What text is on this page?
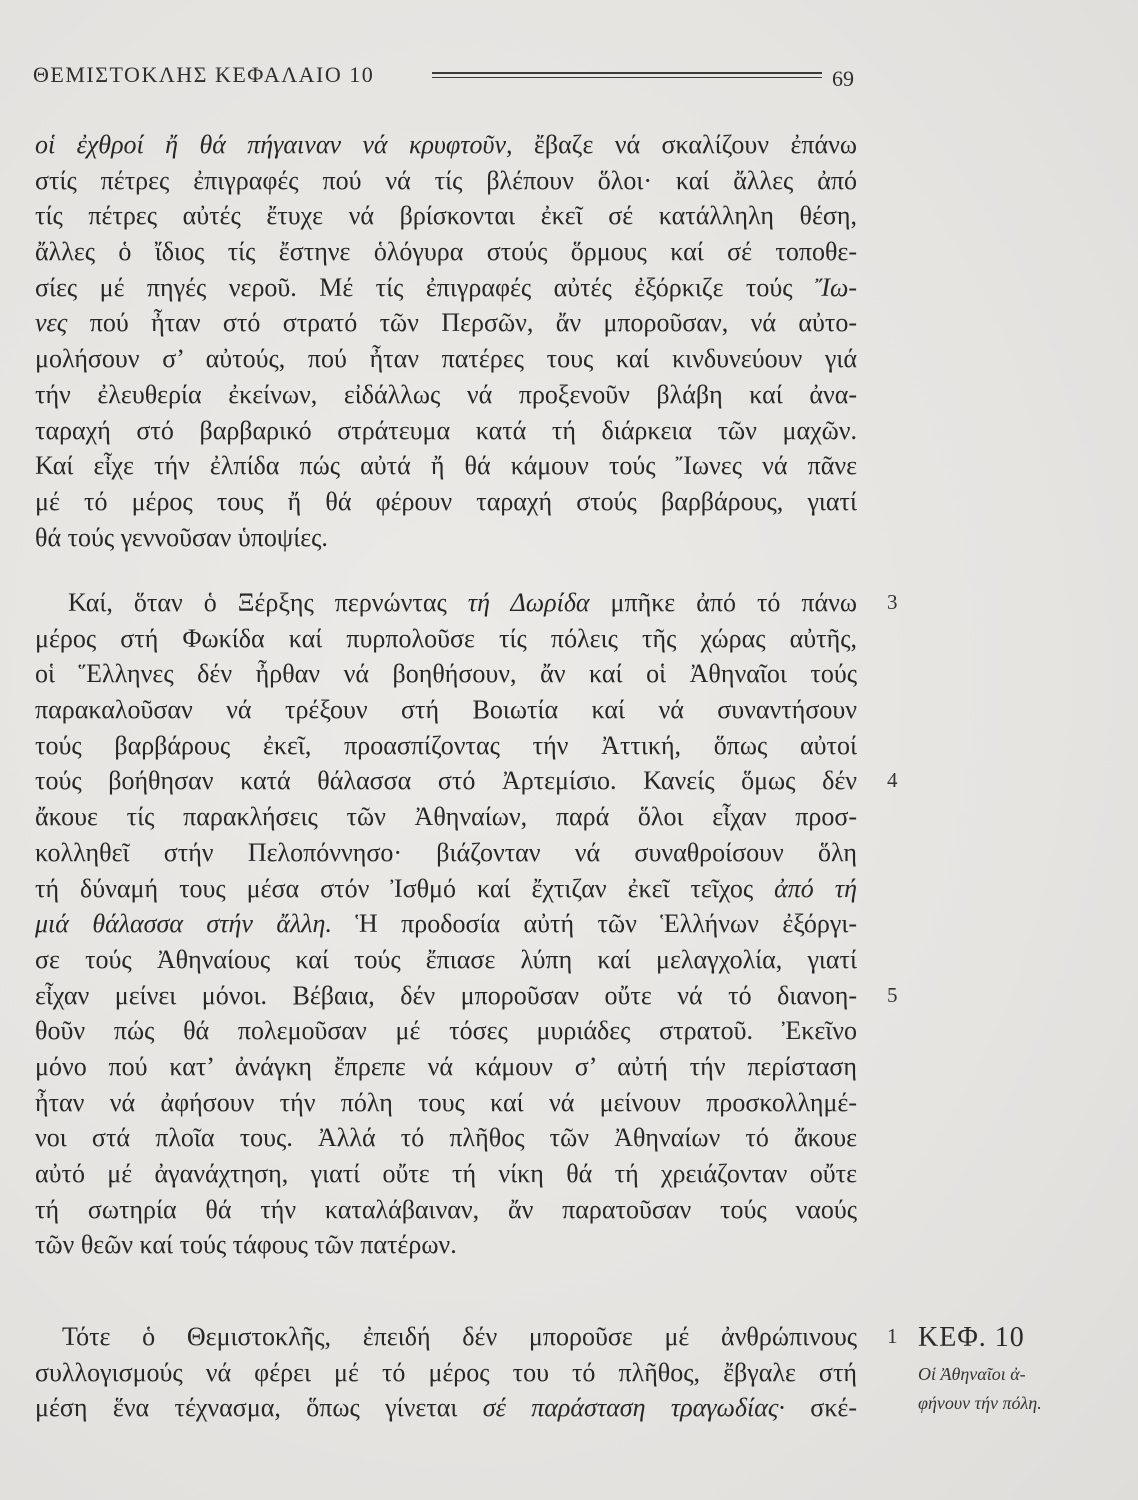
ΘΕΜΙΣΤΟΚΛΗΣ ΚΕΦΑΛΑΙΟ 10	69
οἱ ἐχθροί ἤ θά πήγαιναν νά κρυφτοῦν, ἔβαζε νά σκαλίζουν ἐπάνω
στίς πέτρες ἐπιγραφές πού νά τίς βλέπουν ὅλοι· καί ἄλλες ἀπό
τίς πέτρες αὐτές ἔτυχε νά βρίσκονται ἐκεῖ σέ κατάλληλη θέση,
ἄλλες ὁ ἴδιος τίς ἔστηνε ὁλόγυρα στούς ὅρμους καί σέ τοποθε-
σίες μέ πηγές νεροῦ. Μέ τίς ἐπιγραφές αὐτές ἐξόρκιζε τούς Ἴω-
νες πού ἦταν στό στρατό τῶν Περσῶν, ἄν μποροῦσαν, νά αὐτο-
μολήσουν σ’ αὐτούς, πού ἦταν πατέρες τους καί κινδυνεύουν γιά
τήν ἐλευθερία ἐκείνων, εἰδάλλως νά προξενοῦν βλάβη καί ἀνα-
ταραχή στό βαρβαρικό στράτευμα κατά τή διάρκεια τῶν μαχῶν.
Καί εἶχε τήν ἐλπίδα πώς αὐτά ἤ θά κάμουν τούς Ἴωνες νά πᾶνε
μέ τό μέρος τους ἤ θά φέρουν ταραχή στούς βαρβάρους, γιατί
θά τούς γεννοῦσαν ὑποψίες.
Καί, ὅταν ὁ Ξέρξης περνώντας τή Δωρίδα μπῆκε ἀπό τό πάνω 3
μέρος στή Φωκίδα καί πυρπολοῦσε τίς πόλεις τῆς χώρας αὐτῆς,
οἱ Ἕλληνες δέν ἦρθαν νά βοηθήσουν, ἄν καί οἱ Ἀθηναῖοι τούς
παρακαλοῦσαν νά τρέξουν στή Βοιωτία καί νά συναντήσουν
τούς βαρβάρους ἐκεῖ, προασπίζοντας τήν Ἀττική, ὅπως αὐτοί
τούς βοήθησαν κατά θάλασσα στό Ἀρτεμίσιο. Κανείς ὅμως δέν 4
ἄκουε τίς παρακλήσεις τῶν Ἀθηναίων, παρά ὅλοι εἶχαν προσ-
κολληθεῖ στήν Πελοπόννησο· βιάζονταν νά συναθροίσουν ὅλη
τή δύναμή τους μέσα στόν Ἰσθμό καί ἔχτιζαν ἐκεῖ τεῖχος ἀπό τή
μιά θάλασσα στήν ἄλλη. Ἡ προδοσία αὐτή τῶν Ἑλλήνων ἐξόργι-
σε τούς Ἀθηναίους καί τούς ἔπιασε λύπη καί μελαγχολία, γιατί
εἶχαν μείνει μόνοι. Βέβαια, δέν μποροῦσαν οὔτε νά τό διανοη- 5
θοῦν πώς θά πολεμοῦσαν μέ τόσες μυριάδες στρατοῦ. Ἐκεῖνο
μόνο πού κατ’ ἀνάγκη ἔπρεπε νά κάμουν σ’ αὐτή τήν περίσταση
ἦταν νά ἀφήσουν τήν πόλη τους καί νά μείνουν προσκολλημέ-
νοι στά πλοῖα τους. Ἀλλά τό πλῆθος τῶν Ἀθηναίων τό ἄκουε
αὐτό μέ ἀγανάχτηση, γιατί οὔτε τή νίκη θά τή χρειάζονταν οὔτε
τή σωτηρία θά τήν καταλάβαιναν, ἄν παρατοῦσαν τούς ναούς
τῶν θεῶν καί τούς τάφους τῶν πατέρων.
Τότε ὁ Θεμιστοκλῆς, ἐπειδή δέν μποροῦσε μέ ἀνθρώπινους 1
συλλογισμούς νά φέρει μέ τό μέρος του τό πλῆθος, ἔβγαλε στή
μέση ἕνα τέχνασμα, ὅπως γίνεται σέ παράσταση τραγωδίας· σκέ-
ΚΕΦ. 10
Οἱ Ἀθηναῖοι ἀ-
φήνουν τήν πόλη.
